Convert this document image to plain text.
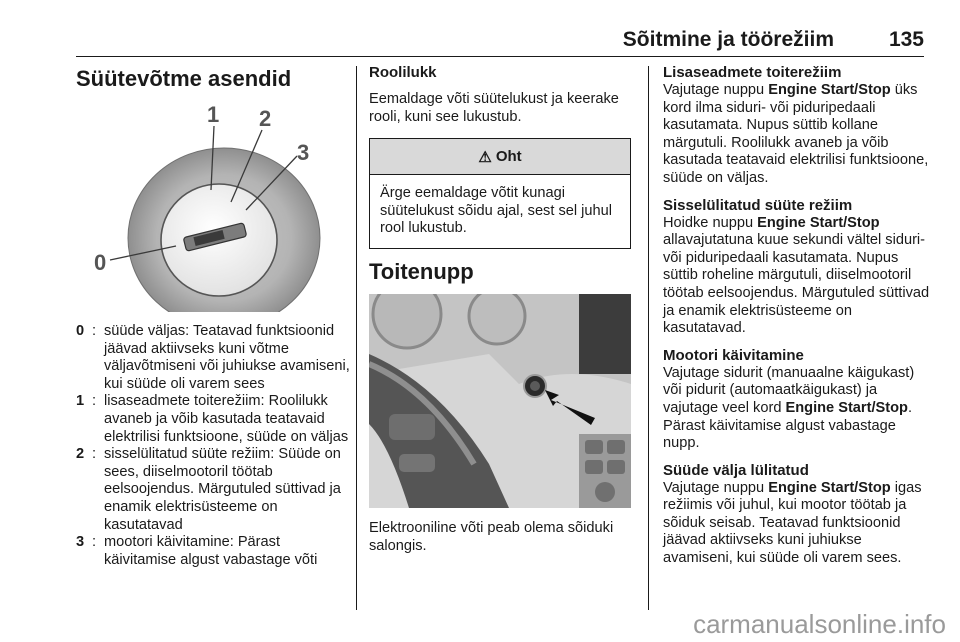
Sõitmine ja töörežiim	135
Süütevõtme asendid
1 2
3
0
0 : süüde väljas: Teatavad funktsioonid jäävad aktiivseks kuni võtme väljavõtmiseni või juhiukse avamiseni, kui süüde oli varem sees
1 : lisaseadmete toiterežiim: Roolilukk avaneb ja võib kasutada teatavaid elektrilisi funktsioone, süüde on väljas
2 : sisselülitatud süüte režiim: Süüde on sees, diiselmootoril töötab eelsoojendus. Märgutuled süttivad ja enamik elektrisüsteeme on kasutatavad
3 : mootori käivitamine: Pärast käivitamise algust vabastage võti
Roolilukk
Eemaldage võti süütelukust ja keerake rooli, kuni see lukustub.
⚠ Oht
Ärge eemaldage võtit kunagi süütelukust sõidu ajal, sest sel juhul rool lukustub.
Toitenupp
Elektrooniline võti peab olema sõiduki salongis.
Lisaseadmete toiterežiim
Vajutage nuppu Engine Start/Stop üks kord ilma siduri- või piduripedaali kasutamata. Nupus süttib kollane märgutuli. Roolilukk avaneb ja võib kasutada teatavaid elektrilisi funktsioone, süüde on väljas.
Sisselülitatud süüte režiim
Hoidke nuppu Engine Start/Stop allavajutatuna kuue sekundi vältel siduri- või piduripedaali kasutamata. Nupus süttib roheline märgutuli, diiselmootoril töötab eelsoojendus. Märgutuled süttivad ja enamik elektrisüsteeme on kasutatavad.
Mootori käivitamine
Vajutage sidurit (manuaalne käigukast) või pidurit (automaatkäigukast) ja vajutage veel kord Engine Start/Stop. Pärast käivitamise algust vabastage nupp.
Süüde välja lülitatud
Vajutage nuppu Engine Start/Stop igas režiimis või juhul, kui mootor töötab ja sõiduk seisab. Teatavad funktsioonid jäävad aktiivseks kuni juhiukse avamiseni, kui süüde oli varem sees.
carmanualsonline.info
